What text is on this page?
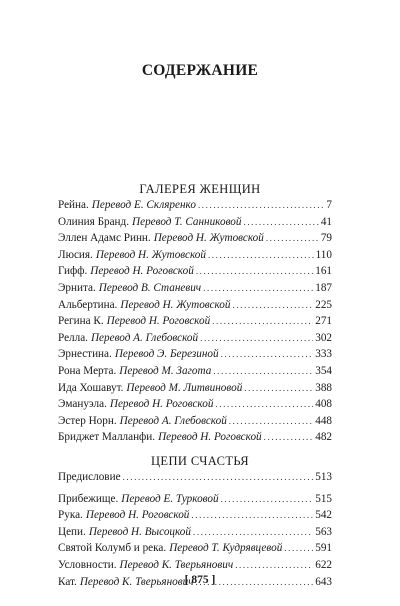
СОДЕРЖАНИЕ
ГАЛЕРЕЯ ЖЕНЩИН
Рейна. Перевод Е. Скляренко .....	7
Олиния Бранд. Перевод Т. Санниковой .....	41
Эллен Адамс Ринн. Перевод Н. Жутовской .....	79
Люсия. Перевод Н. Жутовской .....	110
Гифф. Перевод Н. Роговской .....	161
Эрнита. Перевод В. Станевич .....	187
Альбертина. Перевод Н. Жутовской .....	225
Регина К. Перевод Н. Роговской .....	271
Релла. Перевод А. Глебовской .....	302
Эрнестина. Перевод Э. Березиной .....	333
Рона Мерта. Перевод М. Загота .....	354
Ида Хошавут. Перевод М. Литвиновой .....	388
Эмануэла. Перевод Н. Роговской .....	408
Эстер Норн. Перевод А. Глебовской .....	448
Бриджет Малланфи. Перевод Н. Роговской .....	482
ЦЕПИ СЧАСТЬЯ
Предисловие .....	513
Прибежище. Перевод Е. Турковой .....	515
Рука. Перевод Н. Роговской .....	542
Цепи. Перевод Н. Высоцкой .....	563
Святой Колумб и река. Перевод Т. Кудрявцевой .....	591
Условности. Перевод К. Тверьянович .....	622
Кат. Перевод К. Тверьянович .....	643
[ 875 ]
